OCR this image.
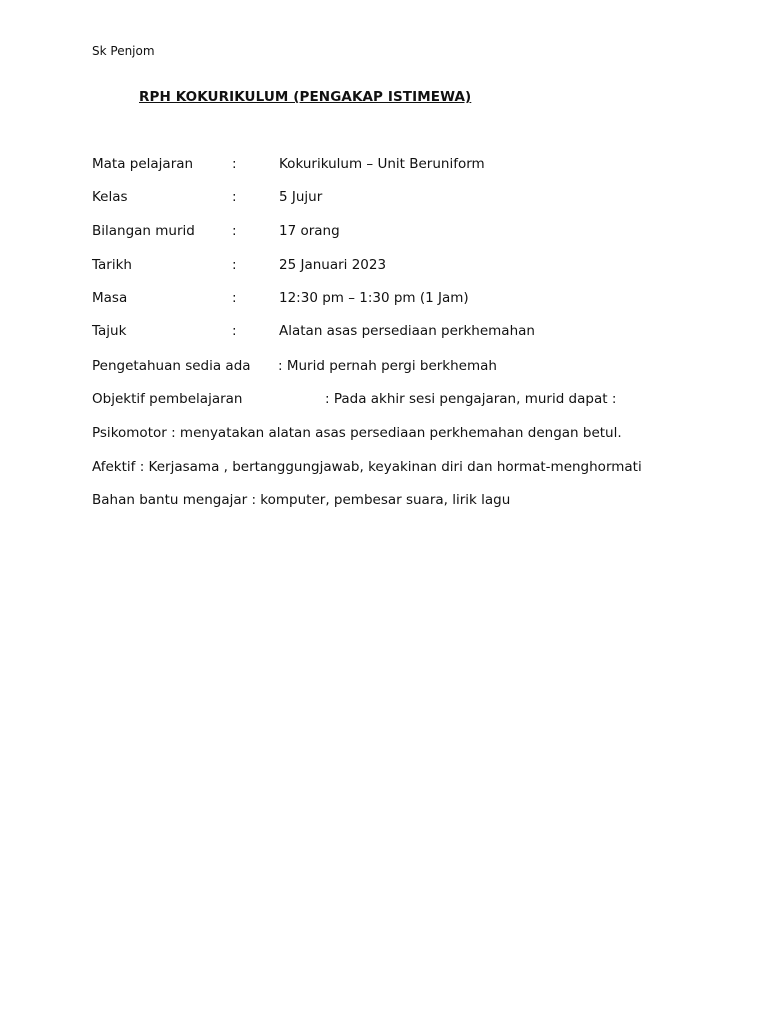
Sk Penjom
RPH KOKURIKULUM (PENGAKAP ISTIMEWA)
Mata pelajaran	:	Kokurikulum – Unit Beruniform
Kelas	:	5 Jujur
Bilangan murid	:	17 orang
Tarikh	:	25 Januari 2023
Masa	:	12:30 pm – 1:30 pm (1 Jam)
Tajuk	:	Alatan asas persediaan perkhemahan
Pengetahuan sedia ada : Murid pernah pergi berkhemah
Objektif pembelajaran	: Pada akhir sesi pengajaran, murid dapat :
Psikomotor : menyatakan alatan asas persediaan perkhemahan dengan betul.
Afektif : Kerjasama , bertanggungjawab, keyakinan diri dan hormat-menghormati
Bahan bantu mengajar : komputer, pembesar suara, lirik lagu
